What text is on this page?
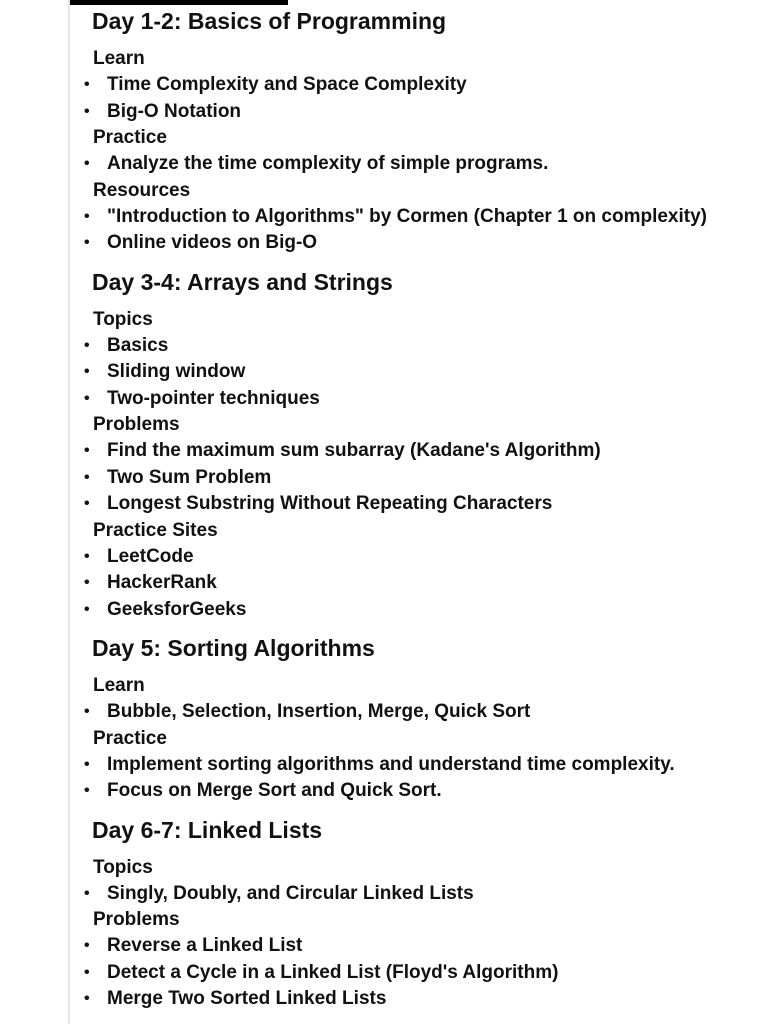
Day 1-2: Basics of Programming
Learn
• Time Complexity and Space Complexity
• Big-O Notation
Practice
• Analyze the time complexity of simple programs.
Resources
• "Introduction to Algorithms" by Cormen (Chapter 1 on complexity)
• Online videos on Big-O
Day 3-4: Arrays and Strings
Topics
• Basics
• Sliding window
• Two-pointer techniques
Problems
• Find the maximum sum subarray (Kadane's Algorithm)
• Two Sum Problem
• Longest Substring Without Repeating Characters
Practice Sites
• LeetCode
• HackerRank
• GeeksforGeeks
Day 5: Sorting Algorithms
Learn
• Bubble, Selection, Insertion, Merge, Quick Sort
Practice
• Implement sorting algorithms and understand time complexity.
• Focus on Merge Sort and Quick Sort.
Day 6-7: Linked Lists
Topics
• Singly, Doubly, and Circular Linked Lists
Problems
• Reverse a Linked List
• Detect a Cycle in a Linked List (Floyd's Algorithm)
• Merge Two Sorted Linked Lists
